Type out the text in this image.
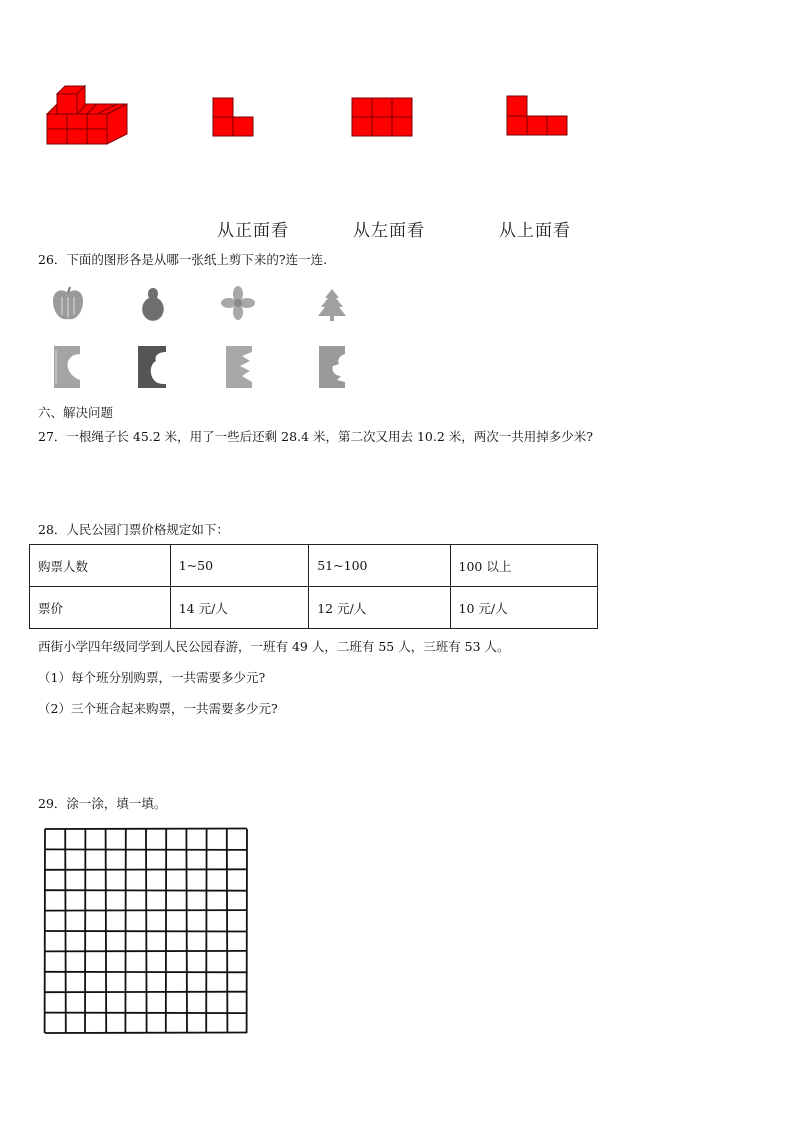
从正面看	从左面看	从上面看
26．下面的图形各是从哪一张纸上剪下来的?连一连.
六、解决问题
27．一根绳子长 45.2 米，用了一些后还剩 28.4 米，第二次又用去 10.2 米，两次一共用掉多少米?
28．人民公园门票价格规定如下：
购票人数	1~50	51~100	100 以上
票价	14 元/人	12 元/人	10 元/人
西街小学四年级同学到人民公园春游，一班有 49 人，二班有 55 人，三班有 53 人。
（1）每个班分别购票，一共需要多少元?
（2）三个班合起来购票，一共需要多少元?
29．涂一涂，填一填。
